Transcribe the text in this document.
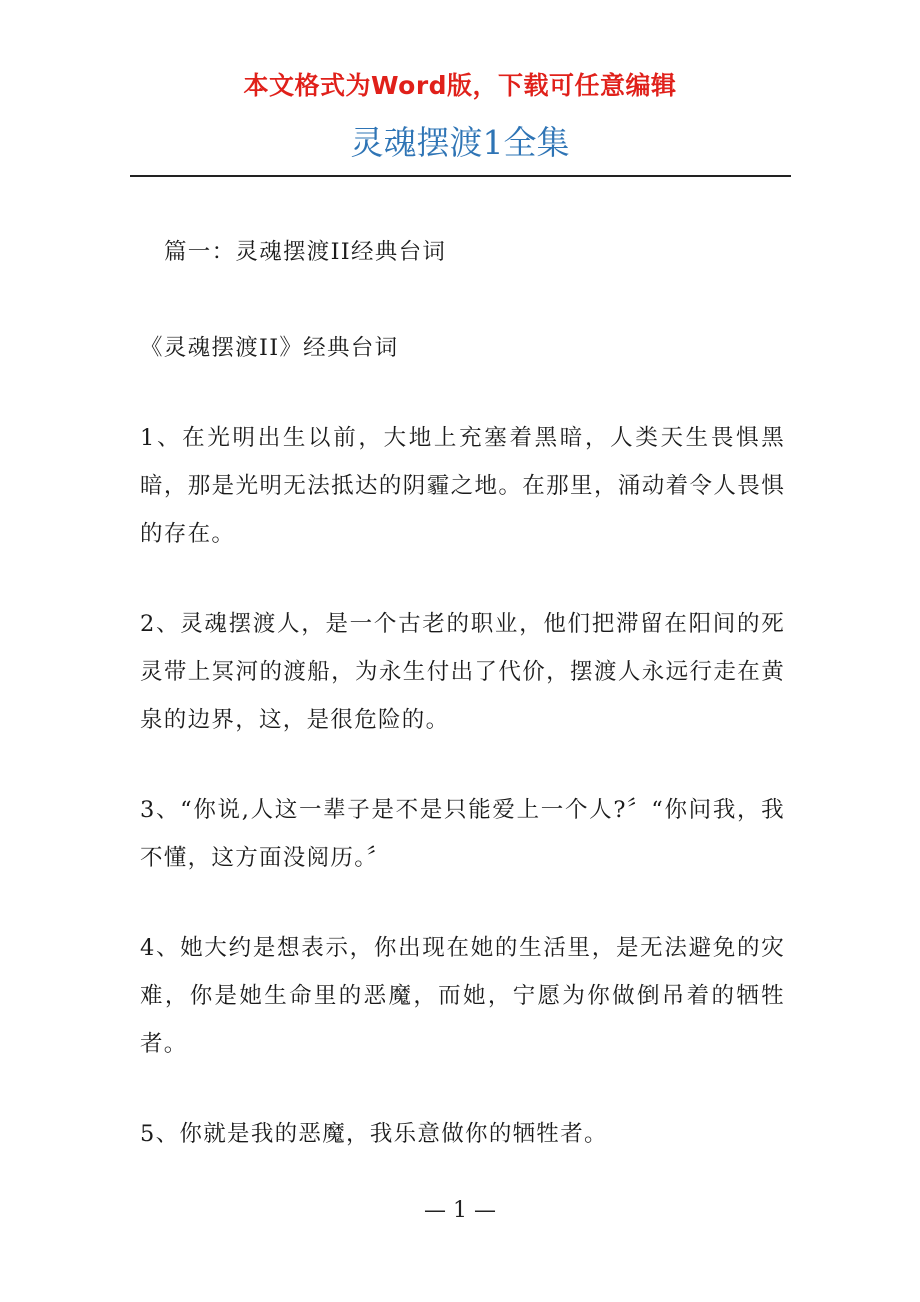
本文格式为Word版，下载可任意编辑
灵魂摆渡1全集

篇一：灵魂摆渡II经典台词

《灵魂摆渡II》经典台词

1、在光明出生以前，大地上充塞着黑暗，人类天生畏惧黑暗，那是光明无法抵达的阴霾之地。在那里，涌动着令人畏惧的存在。

2、灵魂摆渡人，是一个古老的职业，他们把滞留在阳间的死灵带上冥河的渡船，为永生付出了代价，摆渡人永远行走在黄泉的边界，这，是很危险的。

3、“你说,人这一辈子是不是只能爱上一个人?〞“你问我，我不懂，这方面没阅历。〞

4、她大约是想表示，你出现在她的生活里，是无法避免的灾难，你是她生命里的恶魔，而她，宁愿为你做倒吊着的牺牲者。

5、你就是我的恶魔，我乐意做你的牺牲者。

— 1 —
